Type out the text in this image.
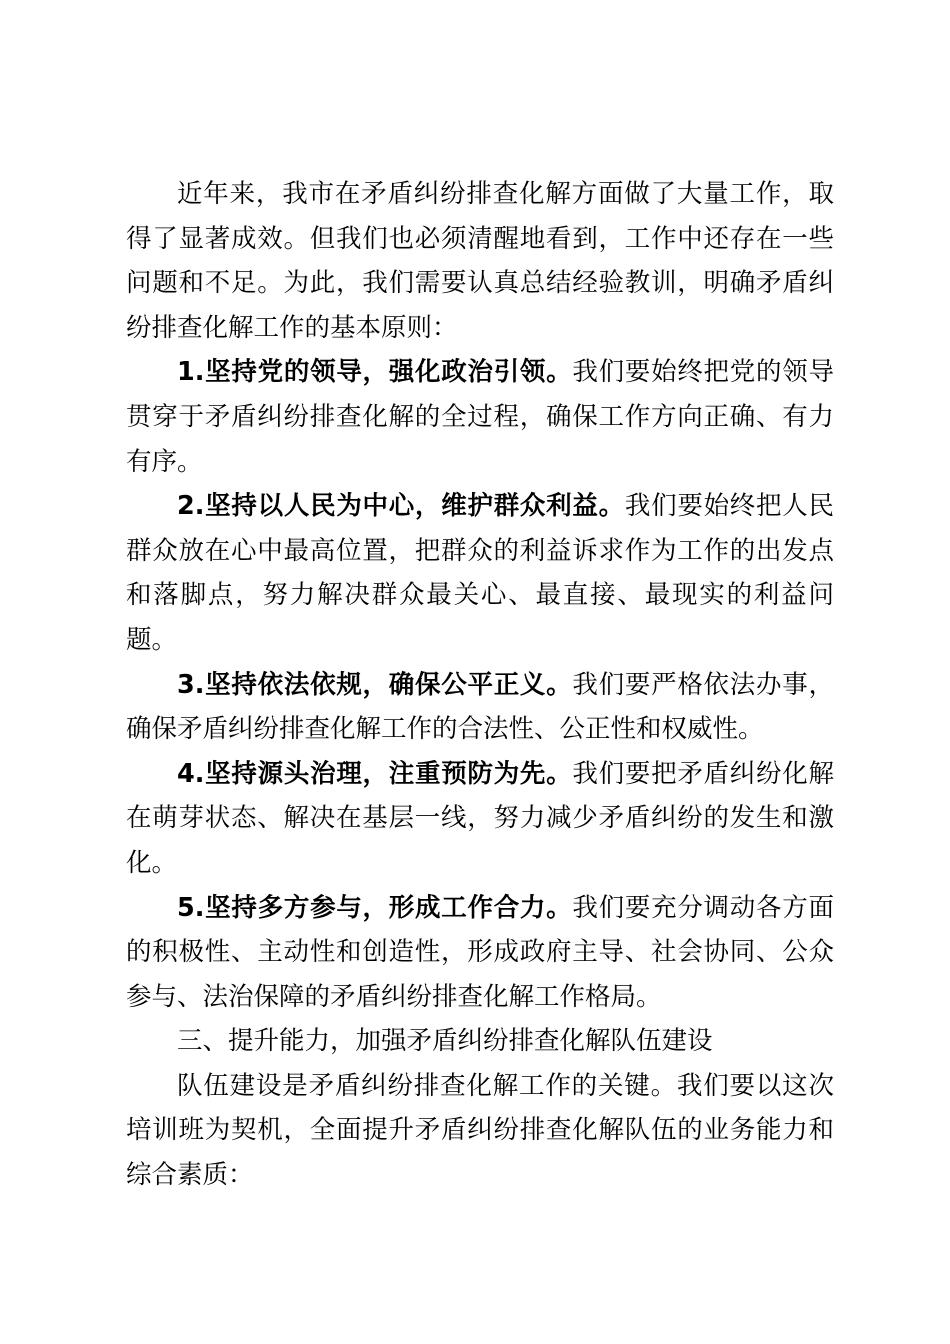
近年来，我市在矛盾纠纷排查化解方面做了大量工作，取得了显著成效。但我们也必须清醒地看到，工作中还存在一些问题和不足。为此，我们需要认真总结经验教训，明确矛盾纠纷排查化解工作的基本原则：

1.坚持党的领导，强化政治引领。我们要始终把党的领导贯穿于矛盾纠纷排查化解的全过程，确保工作方向正确、有力有序。

2.坚持以人民为中心，维护群众利益。我们要始终把人民群众放在心中最高位置，把群众的利益诉求作为工作的出发点和落脚点，努力解决群众最关心、最直接、最现实的利益问题。

3.坚持依法依规，确保公平正义。我们要严格依法办事，确保矛盾纠纷排查化解工作的合法性、公正性和权威性。

4.坚持源头治理，注重预防为先。我们要把矛盾纠纷化解在萌芽状态、解决在基层一线，努力减少矛盾纠纷的发生和激化。

5.坚持多方参与，形成工作合力。我们要充分调动各方面的积极性、主动性和创造性，形成政府主导、社会协同、公众参与、法治保障的矛盾纠纷排查化解工作格局。

三、提升能力，加强矛盾纠纷排查化解队伍建设

队伍建设是矛盾纠纷排查化解工作的关键。我们要以这次培训班为契机，全面提升矛盾纠纷排查化解队伍的业务能力和综合素质：
